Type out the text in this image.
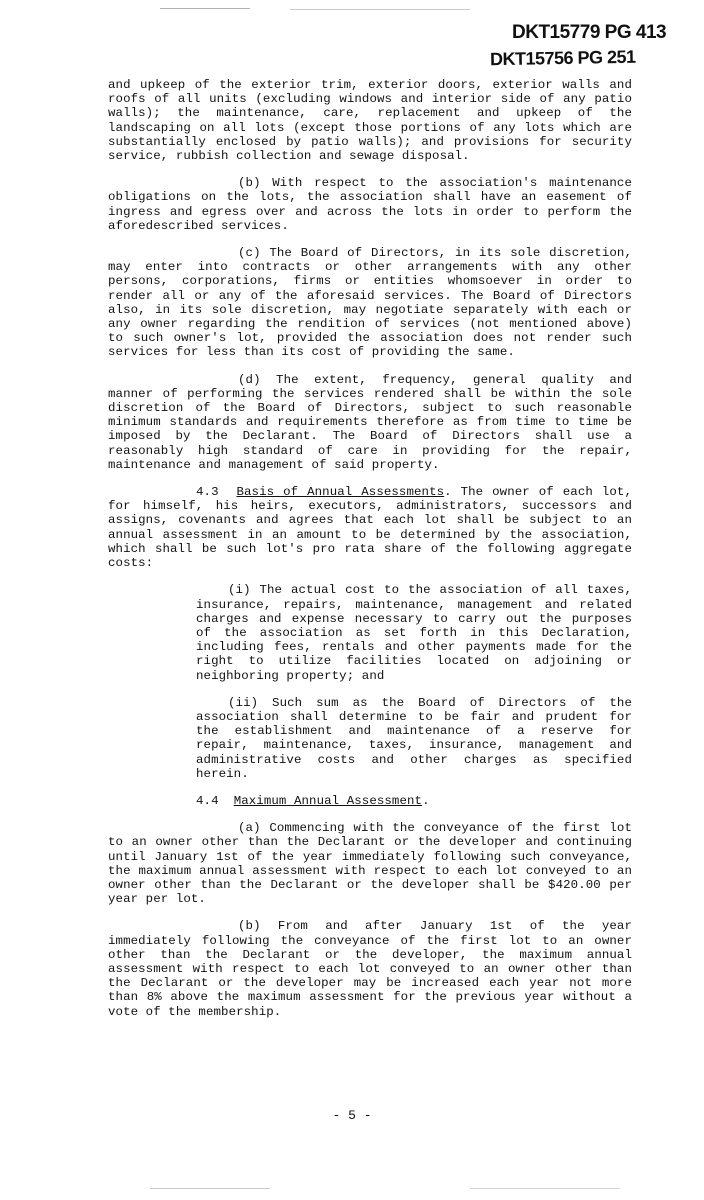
DKT15779 PG 413
DKT15756 PG 251

and upkeep of the exterior trim, exterior doors, exterior walls and roofs of all units (excluding windows and interior side of any patio walls); the maintenance, care, replacement and upkeep of the landscaping on all lots (except those portions of any lots which are substantially enclosed by patio walls); and provisions for security service, rubbish collection and sewage disposal.

(b) With respect to the association's maintenance obligations on the lots, the association shall have an easement of ingress and egress over and across the lots in order to perform the aforedescribed services.

(c) The Board of Directors, in its sole discretion, may enter into contracts or other arrangements with any other persons, corporations, firms or entities whomsoever in order to render all or any of the aforesaid services. The Board of Directors also, in its sole discretion, may negotiate separately with each or any owner regarding the rendition of services (not mentioned above) to such owner's lot, provided the association does not render such services for less than its cost of providing the same.

(d) The extent, frequency, general quality and manner of performing the services rendered shall be within the sole discretion of the Board of Directors, subject to such reasonable minimum standards and requirements therefore as from time to time be imposed by the Declarant. The Board of Directors shall use a reasonably high standard of care in providing for the repair, maintenance and management of said property.

4.3 Basis of Annual Assessments. The owner of each lot, for himself, his heirs, executors, administrators, successors and assigns, covenants and agrees that each lot shall be subject to an annual assessment in an amount to be determined by the association, which shall be such lot's pro rata share of the following aggregate costs:

(i) The actual cost to the association of all taxes, insurance, repairs, maintenance, management and related charges and expense necessary to carry out the purposes of the association as set forth in this Declaration, including fees, rentals and other payments made for the right to utilize facilities located on adjoining or neighboring property; and

(ii) Such sum as the Board of Directors of the association shall determine to be fair and prudent for the establishment and maintenance of a reserve for repair, maintenance, taxes, insurance, management and administrative costs and other charges as specified herein.

4.4 Maximum Annual Assessment.

(a) Commencing with the conveyance of the first lot to an owner other than the Declarant or the developer and continuing until January 1st of the year immediately following such conveyance, the maximum annual assessment with respect to each lot conveyed to an owner other than the Declarant or the developer shall be $420.00 per year per lot.

(b) From and after January 1st of the year immediately following the conveyance of the first lot to an owner other than the Declarant or the developer, the maximum annual assessment with respect to each lot conveyed to an owner other than the Declarant or the developer may be increased each year not more than 8% above the maximum assessment for the previous year without a vote of the membership.

- 5 -
